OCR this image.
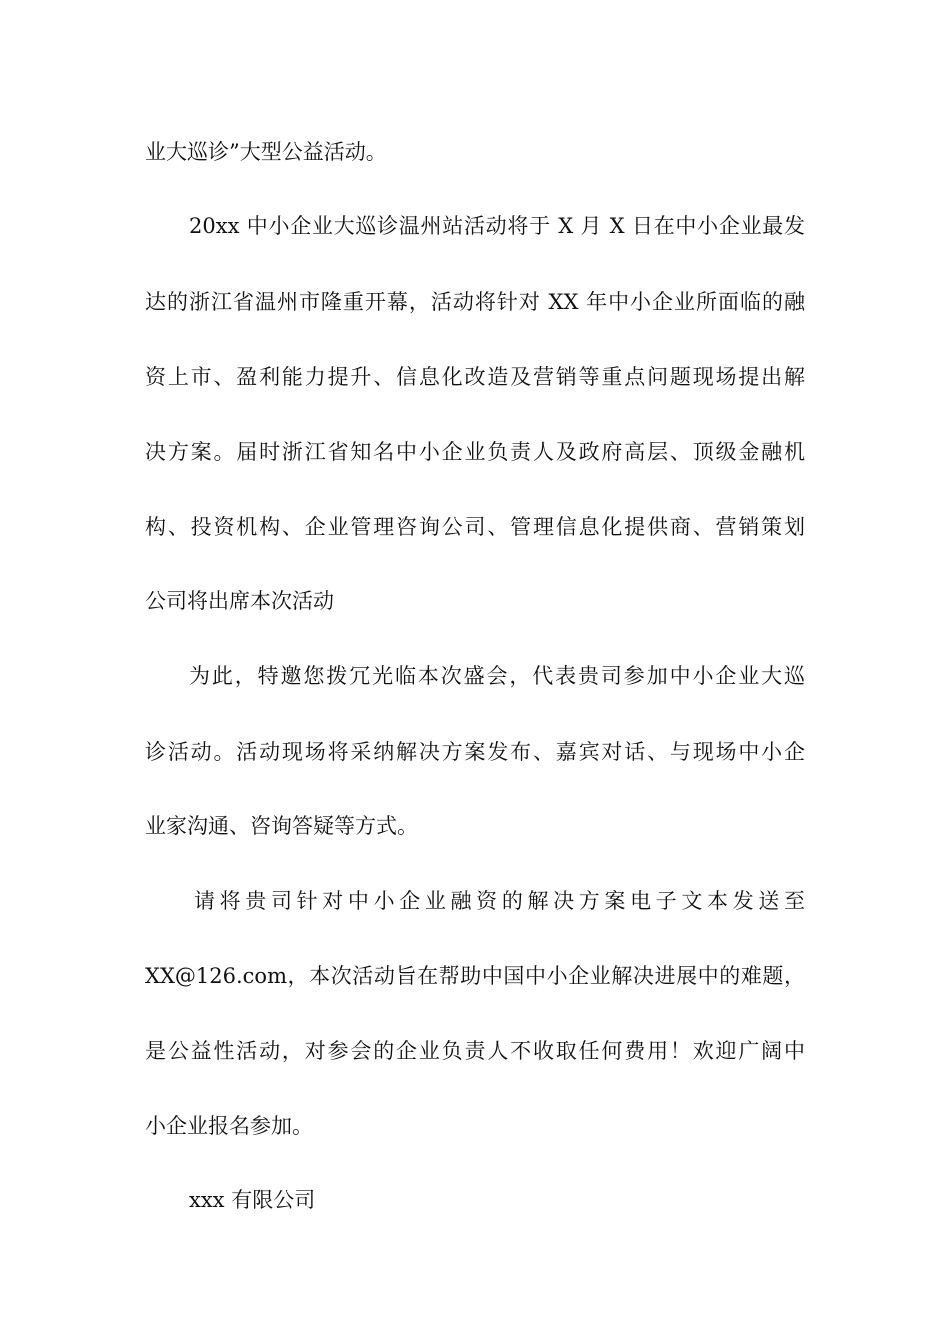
业大巡诊”大型公益活动。
20xx 中小企业大巡诊温州站活动将于 X 月 X 日在中小企业最发
达的浙江省温州市隆重开幕，活动将针对 XX 年中小企业所面临的融
资上市、盈利能力提升、信息化改造及营销等重点问题现场提出解
决方案。届时浙江省知名中小企业负责人及政府高层、顶级金融机
构、投资机构、企业管理咨询公司、管理信息化提供商、营销策划
公司将出席本次活动
为此，特邀您拨冗光临本次盛会，代表贵司参加中小企业大巡
诊活动。活动现场将采纳解决方案发布、嘉宾对话、与现场中小企
业家沟通、咨询答疑等方式。
请将贵司针对中小企业融资的解决方案电子文本发送至
XX@126.com，本次活动旨在帮助中国中小企业解决进展中的难题，
是公益性活动，对参会的企业负责人不收取任何费用！欢迎广阔中
小企业报名参加。
xxx 有限公司
